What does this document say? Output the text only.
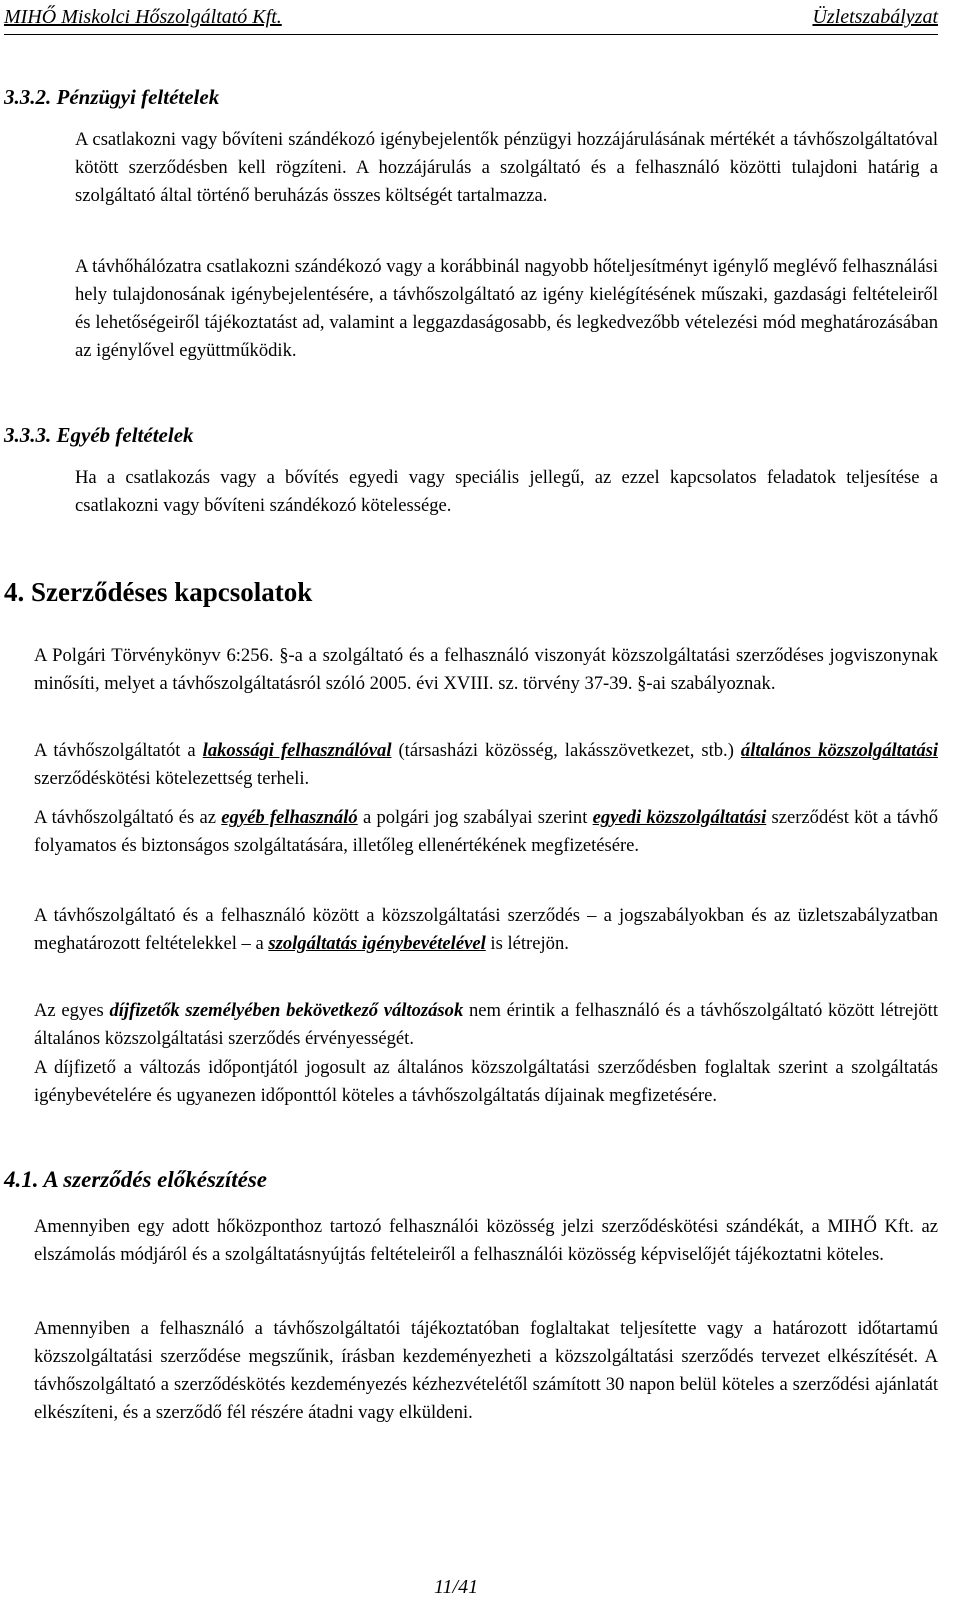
MIHŐ Miskolci Hőszolgáltató Kft.	Üzletszabályzat
3.3.2. Pénzügyi feltételek

A csatlakozni vagy bővíteni szándékozó igénybejelentők pénzügyi hozzájárulásának mértékét a távhőszolgáltatóval kötött szerződésben kell rögzíteni. A hozzájárulás a szolgáltató és a felhasználó közötti tulajdoni határig a szolgáltató által történő beruházás összes költségét tartalmazza.

A távhőhálózatra csatlakozni szándékozó vagy a korábbinál nagyobb hőteljesítményt igénylő meglévő felhasználási hely tulajdonosának igénybejelentésére, a távhőszolgáltató az igény kielégítésének műszaki, gazdasági feltételeiről és lehetőségeiről tájékoztatást ad, valamint a leggazdaságosabb, és legkedvezőbb vételezési mód meghatározásában az igénylővel együttműködik.

3.3.3. Egyéb feltételek

Ha a csatlakozás vagy a bővítés egyedi vagy speciális jellegű, az ezzel kapcsolatos feladatok teljesítése a csatlakozni vagy bővíteni szándékozó kötelessége.

4. Szerződéses kapcsolatok

A Polgári Törvénykönyv 6:256. §-a a szolgáltató és a felhasználó viszonyát közszolgáltatási szerződéses jogviszonynak minősíti, melyet a távhőszolgáltatásról szóló 2005. évi XVIII. sz. törvény 37-39. §-ai szabályoznak.

A távhőszolgáltatót a lakossági felhasználóval (társasházi közösség, lakásszövetkezet, stb.) általános közszolgáltatási szerződéskötési kötelezettség terheli.

A távhőszolgáltató és az egyéb felhasználó a polgári jog szabályai szerint egyedi közszolgáltatási szerződést köt a távhő folyamatos és biztonságos szolgáltatására, illetőleg ellenértékének megfizetésére.

A távhőszolgáltató és a felhasználó között a közszolgáltatási szerződés – a jogszabályokban és az üzletszabályzatban meghatározott feltételekkel – a szolgáltatás igénybevételével is létrejön.

Az egyes díjfizetők személyében bekövetkező változások nem érintik a felhasználó és a távhőszolgáltató között létrejött általános közszolgáltatási szerződés érvényességét.

A díjfizető a változás időpontjától jogosult az általános közszolgáltatási szerződésben foglaltak szerint a szolgáltatás igénybevételére és ugyanezen időponttól köteles a távhőszolgáltatás díjainak megfizetésére.

4.1. A szerződés előkészítése

Amennyiben egy adott hőközponthoz tartozó felhasználói közösség jelzi szerződéskötési szándékát, a MIHŐ Kft. az elszámolás módjáról és a szolgáltatásnyújtás feltételeiről a felhasználói közösség képviselőjét tájékoztatni köteles.

Amennyiben a felhasználó a távhőszolgáltatói tájékoztatóban foglaltakat teljesítette vagy a határozott időtartamú közszolgáltatási szerződése megszűnik, írásban kezdeményezheti a közszolgáltatási szerződés tervezet elkészítését. A távhőszolgáltató a szerződéskötés kezdeményezés kézhezvételétől számított 30 napon belül köteles a szerződési ajánlatát elkészíteni, és a szerződő fél részére átadni vagy elküldeni.

11/41
